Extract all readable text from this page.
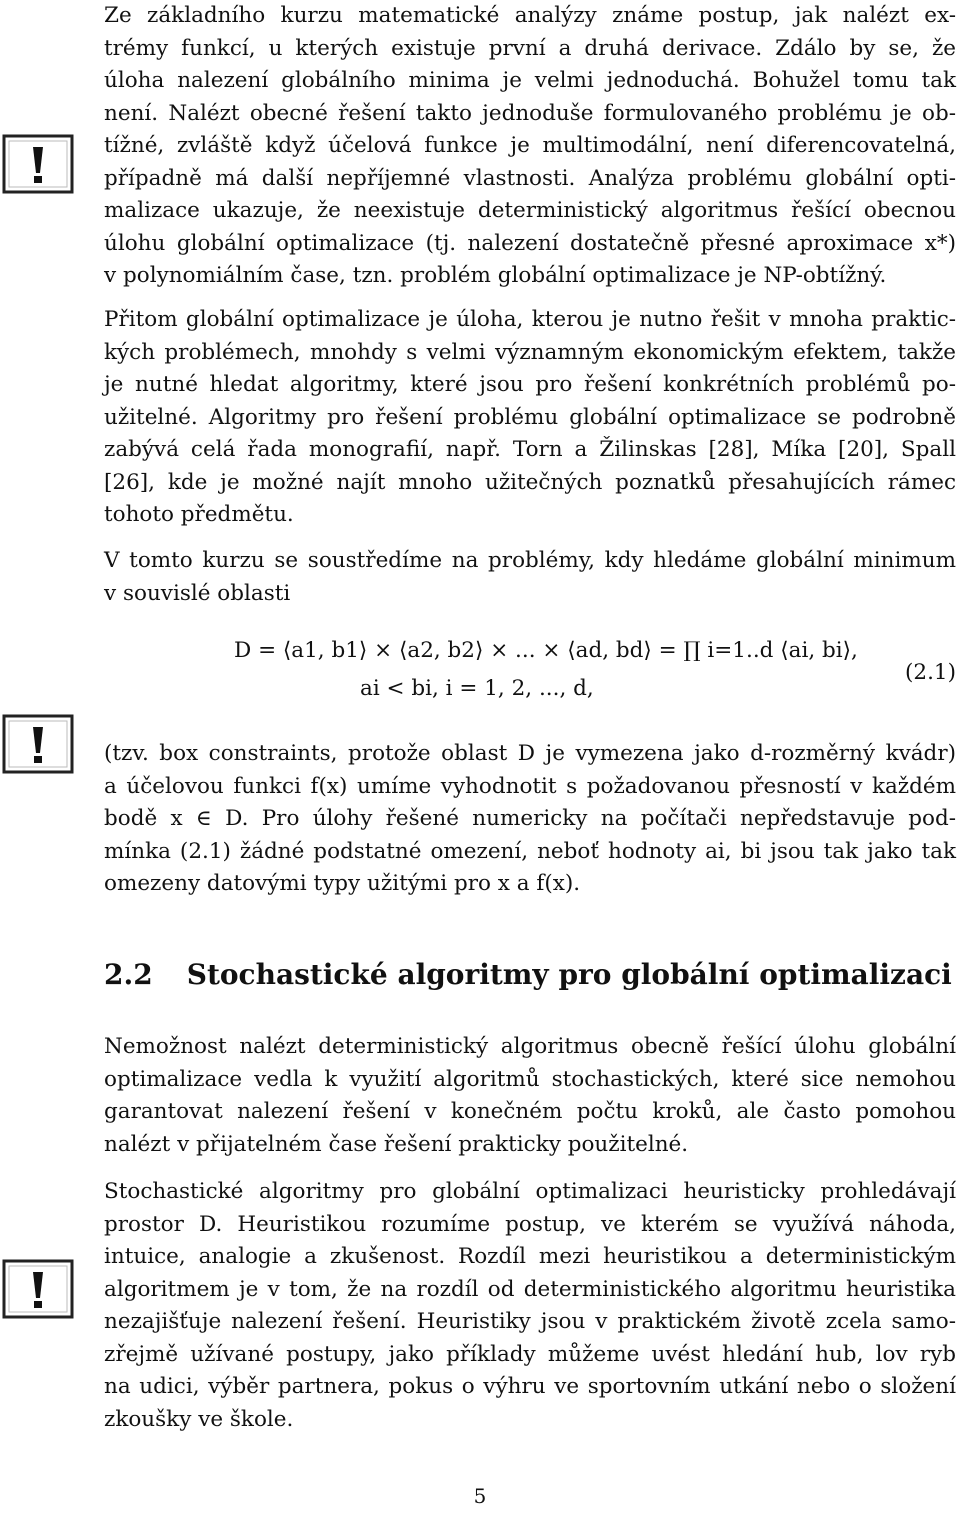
Ze základního kurzu matematické analýzy známe postup, jak nalézt ex-
trémy funkcí, u kterých existuje první a druhá derivace. Zdálo by se, že
úloha nalezení globálního minima je velmi jednoduchá. Bohužel tomu tak
není. Nalézt obecné řešení takto jednoduše formulovaného problému je ob-
tížné, zvláště když účelová funkce je multimodální, není diferencovatelná,
případně má další nepříjemné vlastnosti. Analýza problému globální opti-
malizace ukazuje, že neexistuje deterministický algoritmus řešící obecnou
úlohu globální optimalizace (tj. nalezení dostatečně přesné aproximace x*)
v polynomiálním čase, tzn. problém globální optimalizace je NP-obtížný.
Přitom globální optimalizace je úloha, kterou je nutno řešit v mnoha praktic-
kých problémech, mnohdy s velmi významným ekonomickým efektem, takže
je nutné hledat algoritmy, které jsou pro řešení konkrétních problémů po-
užitelné. Algoritmy pro řešení problému globální optimalizace se podrobně
zabývá celá řada monografií, např. Torn a Žilinskas [28], Míka [20], Spall
[26], kde je možné najít mnoho užitečných poznatků přesahujících rámec
tohoto předmětu.
V tomto kurzu se soustředíme na problémy, kdy hledáme globální minimum
v souvislé oblasti
D = ⟨a1, b1⟩ × ⟨a2, b2⟩ × ... × ⟨ad, bd⟩ = ∏ i=1..d ⟨ai, bi⟩,
ai < bi, i = 1, 2, ..., d,
(2.1)
(tzv. box constraints, protože oblast D je vymezena jako d-rozměrný kvádr)
a účelovou funkci f(x) umíme vyhodnotit s požadovanou přesností v každém
bodě x ∈ D. Pro úlohy řešené numericky na počítači nepředstavuje pod-
mínka (2.1) žádné podstatné omezení, neboť hodnoty ai, bi jsou tak jako tak
omezeny datovými typy užitými pro x a f(x).
2.2 Stochastické algoritmy pro globální optimalizaci
Nemožnost nalézt deterministický algoritmus obecně řešící úlohu globální
optimalizace vedla k využití algoritmů stochastických, které sice nemohou
garantovat nalezení řešení v konečném počtu kroků, ale často pomohou
nalézt v přijatelném čase řešení prakticky použitelné.
Stochastické algoritmy pro globální optimalizaci heuristicky prohledávají
prostor D. Heuristikou rozumíme postup, ve kterém se využívá náhoda,
intuice, analogie a zkušenost. Rozdíl mezi heuristikou a deterministickým
algoritmem je v tom, že na rozdíl od deterministického algoritmu heuristika
nezajišťuje nalezení řešení. Heuristiky jsou v praktickém životě zcela samo-
zřejmě užívané postupy, jako příklady můžeme uvést hledání hub, lov ryb
na udici, výběr partnera, pokus o výhru ve sportovním utkání nebo o složení
zkoušky ve škole.
5
